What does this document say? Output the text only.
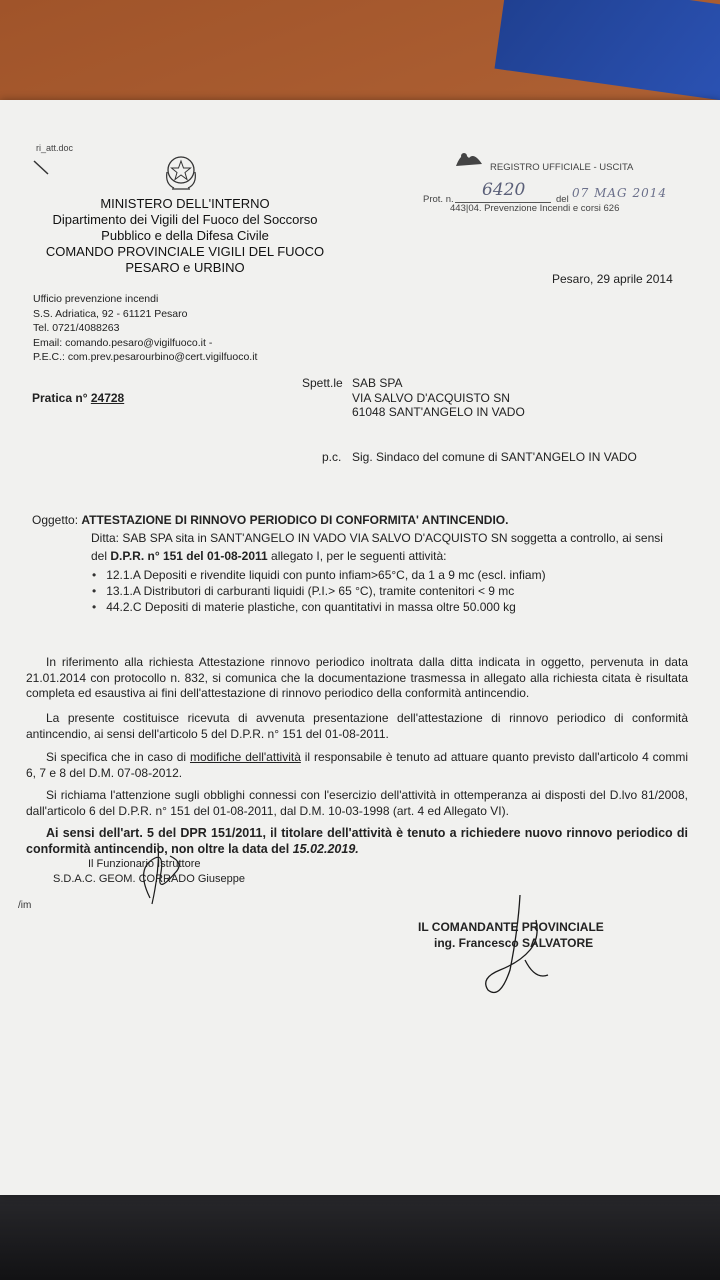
ri_att.doc
MINISTERO DELL'INTERNO
Dipartimento dei Vigili del Fuoco del Soccorso
Pubblico e della Difesa Civile
COMANDO PROVINCIALE VIGILI DEL FUOCO
PESARO e URBINO
REGISTRO UFFICIALE - USCITA
Prot. n. 6420	del 07 MAG 2014
443|04. Prevenzione Incendi e corsi 626
Pesaro, 29 aprile 2014
Ufficio prevenzione incendi
S.S. Adriatica, 92 - 61121 Pesaro
Tel. 0721/4088263
Email: comando.pesaro@vigilfuoco.it -
P.E.C.: com.prev.pesarourbino@cert.vigilfuoco.it
Pratica n° 24728
Spett.le SAB SPA
VIA SALVO D'ACQUISTO SN
61048 SANT'ANGELO IN VADO
p.c. Sig. Sindaco del comune di SANT'ANGELO IN VADO
Oggetto: ATTESTAZIONE DI RINNOVO PERIODICO DI CONFORMITA' ANTINCENDIO.
Ditta: SAB SPA sita in SANT'ANGELO IN VADO VIA SALVO D'ACQUISTO SN soggetta a controllo, ai sensi
del D.P.R. n° 151 del 01-08-2011 allegato I, per le seguenti attività:
• 12.1.A Depositi e rivendite liquidi con punto infiam>65°C, da 1 a 9 mc (escl. infiam)
• 13.1.A Distributori di carburanti liquidi (P.I.> 65 °C), tramite contenitori < 9 mc
• 44.2.C Depositi di materie plastiche, con quantitativi in massa oltre 50.000 kg
In riferimento alla richiesta Attestazione rinnovo periodico inoltrata dalla ditta indicata in oggetto, pervenuta in data 21.01.2014 con protocollo n. 832, si comunica che la documentazione trasmessa in allegato alla richiesta citata è risultata completa ed esaustiva ai fini dell'attestazione di rinnovo periodico della conformità antincendio.
La presente costituisce ricevuta di avvenuta presentazione dell'attestazione di rinnovo periodico di conformità antincendio, ai sensi dell'articolo 5 del D.P.R. n° 151 del 01-08-2011.
Si specifica che in caso di modifiche dell'attività il responsabile è tenuto ad attuare quanto previsto dall'articolo 4 commi 6, 7 e 8 del D.M. 07-08-2012.
Si richiama l'attenzione sugli obblighi connessi con l'esercizio dell'attività in ottemperanza ai disposti del D.lvo 81/2008, dall'articolo 6 del D.P.R. n° 151 del 01-08-2011, dal D.M. 10-03-1998 (art. 4 ed Allegato VI).
Ai sensi dell'art. 5 del DPR 151/2011, il titolare dell'attività è tenuto a richiedere nuovo rinnovo periodico di conformità antincendio, non oltre la data del 15.02.2019.
Il Funzionario Istruttore
S.D.A.C. GEOM. CORRADO Giuseppe
/im
IL COMANDANTE PROVINCIALE
ing. Francesco SALVATORE
